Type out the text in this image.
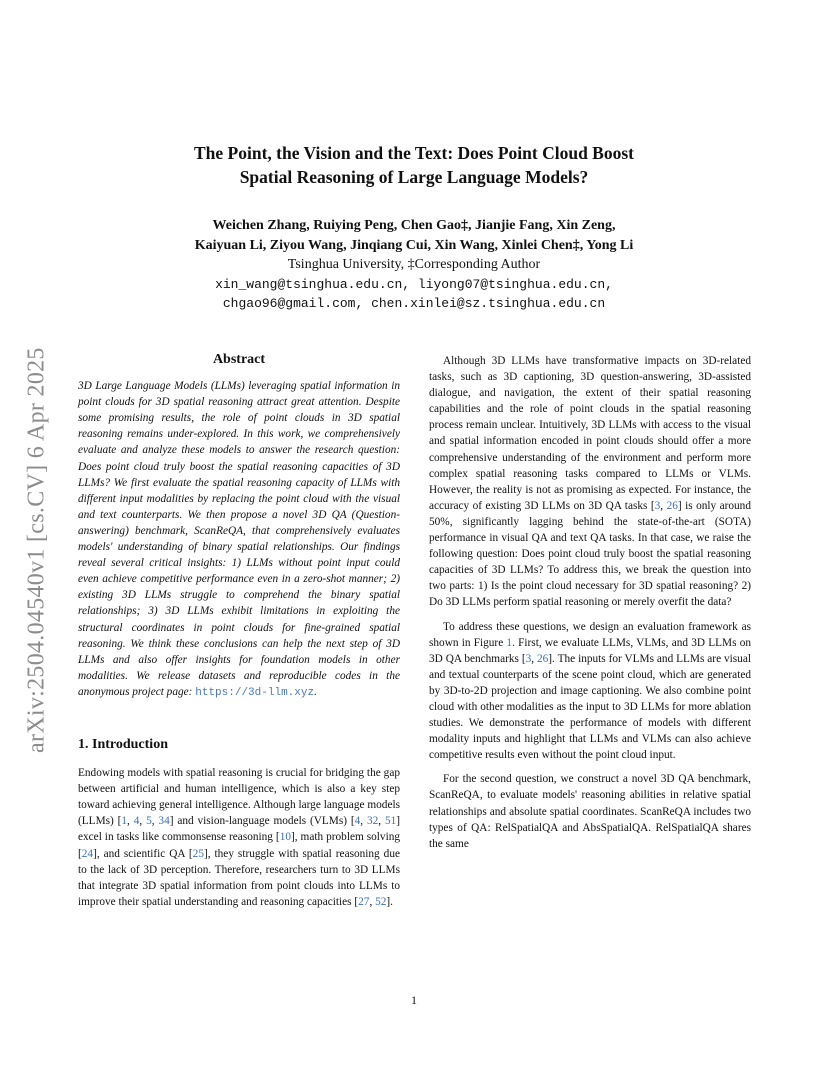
arXiv:2504.04540v1 [cs.CV] 6 Apr 2025
The Point, the Vision and the Text: Does Point Cloud Boost
Spatial Reasoning of Large Language Models?
Weichen Zhang, Ruiying Peng, Chen Gao‡, Jianjie Fang, Xin Zeng,
Kaiyuan Li, Ziyou Wang, Jinqiang Cui, Xin Wang, Xinlei Chen‡, Yong Li
Tsinghua University, ‡Corresponding Author
xin_wang@tsinghua.edu.cn, liyong07@tsinghua.edu.cn,
chgao96@gmail.com, chen.xinlei@sz.tsinghua.edu.cn
Abstract

3D Large Language Models (LLMs) leveraging spatial information in point clouds for 3D spatial reasoning attract great attention. Despite some promising results, the role of point clouds in 3D spatial reasoning remains under-explored. In this work, we comprehensively evaluate and analyze these models to answer the research question: Does point cloud truly boost the spatial reasoning capacities of 3D LLMs? We first evaluate the spatial reasoning capacity of LLMs with different input modalities by replacing the point cloud with the visual and text counterparts. We then propose a novel 3D QA (Question-answering) benchmark, ScanReQA, that comprehensively evaluates models' understanding of binary spatial relationships. Our findings reveal several critical insights: 1) LLMs without point input could even achieve competitive performance even in a zero-shot manner; 2) existing 3D LLMs struggle to comprehend the binary spatial relationships; 3) 3D LLMs exhibit limitations in exploiting the structural coordinates in point clouds for fine-grained spatial reasoning. We think these conclusions can help the next step of 3D LLMs and also offer insights for foundation models in other modalities. We release datasets and reproducible codes in the anonymous project page: https://3d-llm.xyz.

1. Introduction

Endowing models with spatial reasoning is crucial for bridging the gap between artificial and human intelligence, which is also a key step toward achieving general intelligence. Although large language models (LLMs) [1, 4, 5, 34] and vision-language models (VLMs) [4, 32, 51] excel in tasks like commonsense reasoning [10], math problem solving [24], and scientific QA [25], they struggle with spatial reasoning due to the lack of 3D perception. Therefore, researchers turn to 3D LLMs that integrate 3D spatial information from point clouds into LLMs to improve their spatial understanding and reasoning capacities [27, 52].

Although 3D LLMs have transformative impacts on 3D-related tasks, such as 3D captioning, 3D question-answering, 3D-assisted dialogue, and navigation, the extent of their spatial reasoning capabilities and the role of point clouds in the spatial reasoning process remain unclear. Intuitively, 3D LLMs with access to the visual and spatial information encoded in point clouds should offer a more comprehensive understanding of the environment and perform more complex spatial reasoning tasks compared to LLMs or VLMs. However, the reality is not as promising as expected. For instance, the accuracy of existing 3D LLMs on 3D QA tasks [3, 26] is only around 50%, significantly lagging behind the state-of-the-art (SOTA) performance in visual QA and text QA tasks. In that case, we raise the following question: Does point cloud truly boost the spatial reasoning capacities of 3D LLMs? To address this, we break the question into two parts: 1) Is the point cloud necessary for 3D spatial reasoning? 2) Do 3D LLMs perform spatial reasoning or merely overfit the data?

To address these questions, we design an evaluation framework as shown in Figure 1. First, we evaluate LLMs, VLMs, and 3D LLMs on 3D QA benchmarks [3, 26]. The inputs for VLMs and LLMs are visual and textual counterparts of the scene point cloud, which are generated by 3D-to-2D projection and image captioning. We also combine point cloud with other modalities as the input to 3D LLMs for more ablation studies. We demonstrate the performance of models with different modality inputs and highlight that LLMs and VLMs can also achieve competitive results even without the point cloud input.

For the second question, we construct a novel 3D QA benchmark, ScanReQA, to evaluate models' reasoning abilities in relative spatial relationships and absolute spatial coordinates. ScanReQA includes two types of QA: RelSpatialQA and AbsSpatialQA. RelSpatialQA shares the same

1
